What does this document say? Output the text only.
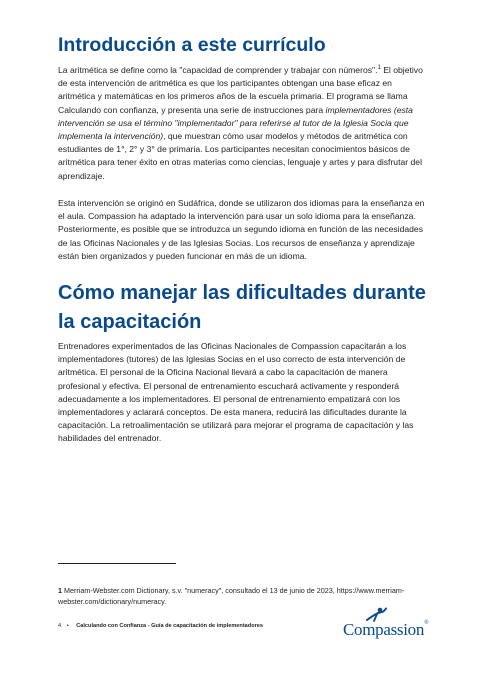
Introducción a este currículo

La aritmética se define como la "capacidad de comprender y trabajar con números".$^1$ El objetivo de esta intervención de aritmética es que los participantes obtengan una base eficaz en aritmética y matemáticas en los primeros años de la escuela primaria. El programa se llama Calculando con confianza, y presenta una serie de instrucciones para implementadores (esta intervención se usa el término "implementador" para referirse al tutor de la Iglesia Socia que implementa la intervención), que muestran cómo usar modelos y métodos de aritmética con estudiantes de 1°, 2° y 3° de primaria. Los participantes necesitan conocimientos básicos de aritmética para tener éxito en otras materias como ciencias, lenguaje y artes y para disfrutar del aprendizaje.

Esta intervención se originó en Sudáfrica, donde se utilizaron dos idiomas para la enseñanza en el aula. Compassion ha adaptado la intervención para usar un solo idioma para la enseñanza. Posteriormente, es posible que se introduzca un segundo idioma en función de las necesidades de las Oficinas Nacionales y de las Iglesias Socias. Los recursos de enseñanza y aprendizaje están bien organizados y pueden funcionar en más de un idioma.

Cómo manejar las dificultades durante la capacitación

Entrenadores experimentados de las Oficinas Nacionales de Compassion capacitarán a los implementadores (tutores) de las Iglesias Socias en el uso correcto de esta intervención de aritmética. El personal de la Oficina Nacional llevará a cabo la capacitación de manera profesional y efectiva. El personal de entrenamiento escuchará activamente y responderá adecuadamente a los implementadores. El personal de entrenamiento empatizará con los implementadores y aclarará conceptos. De esta manera, reducirá las dificultades durante la capacitación. La retroalimentación se utilizará para mejorar el programa de capacitación y las habilidades del entrenador.

1 Merriam-Webster.com Dictionary, s.v. "numeracy", consultado el 13 de junio de 2023, https://www.merriam-webster.com/dictionary/numeracy.

4 • Calculando con Confianza - Guía de capacitación de implementadores	Compassion®
